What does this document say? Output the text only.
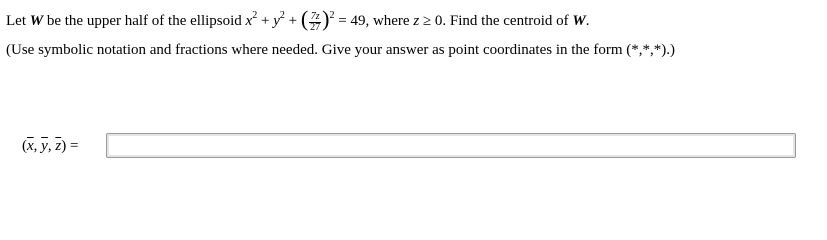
Let W be the upper half of the ellipsoid $x^2 + y^2$ + ( $\frac{7z}{27} )^2 = 49$, where z ≥ 0. Find the centroid of W.
(Use symbolic notation and fractions where needed. Give your answer as point coordinates in the form (*,*,*).)
($\overline{x}$, $\overline{y}$, $\overline{z}$) =
